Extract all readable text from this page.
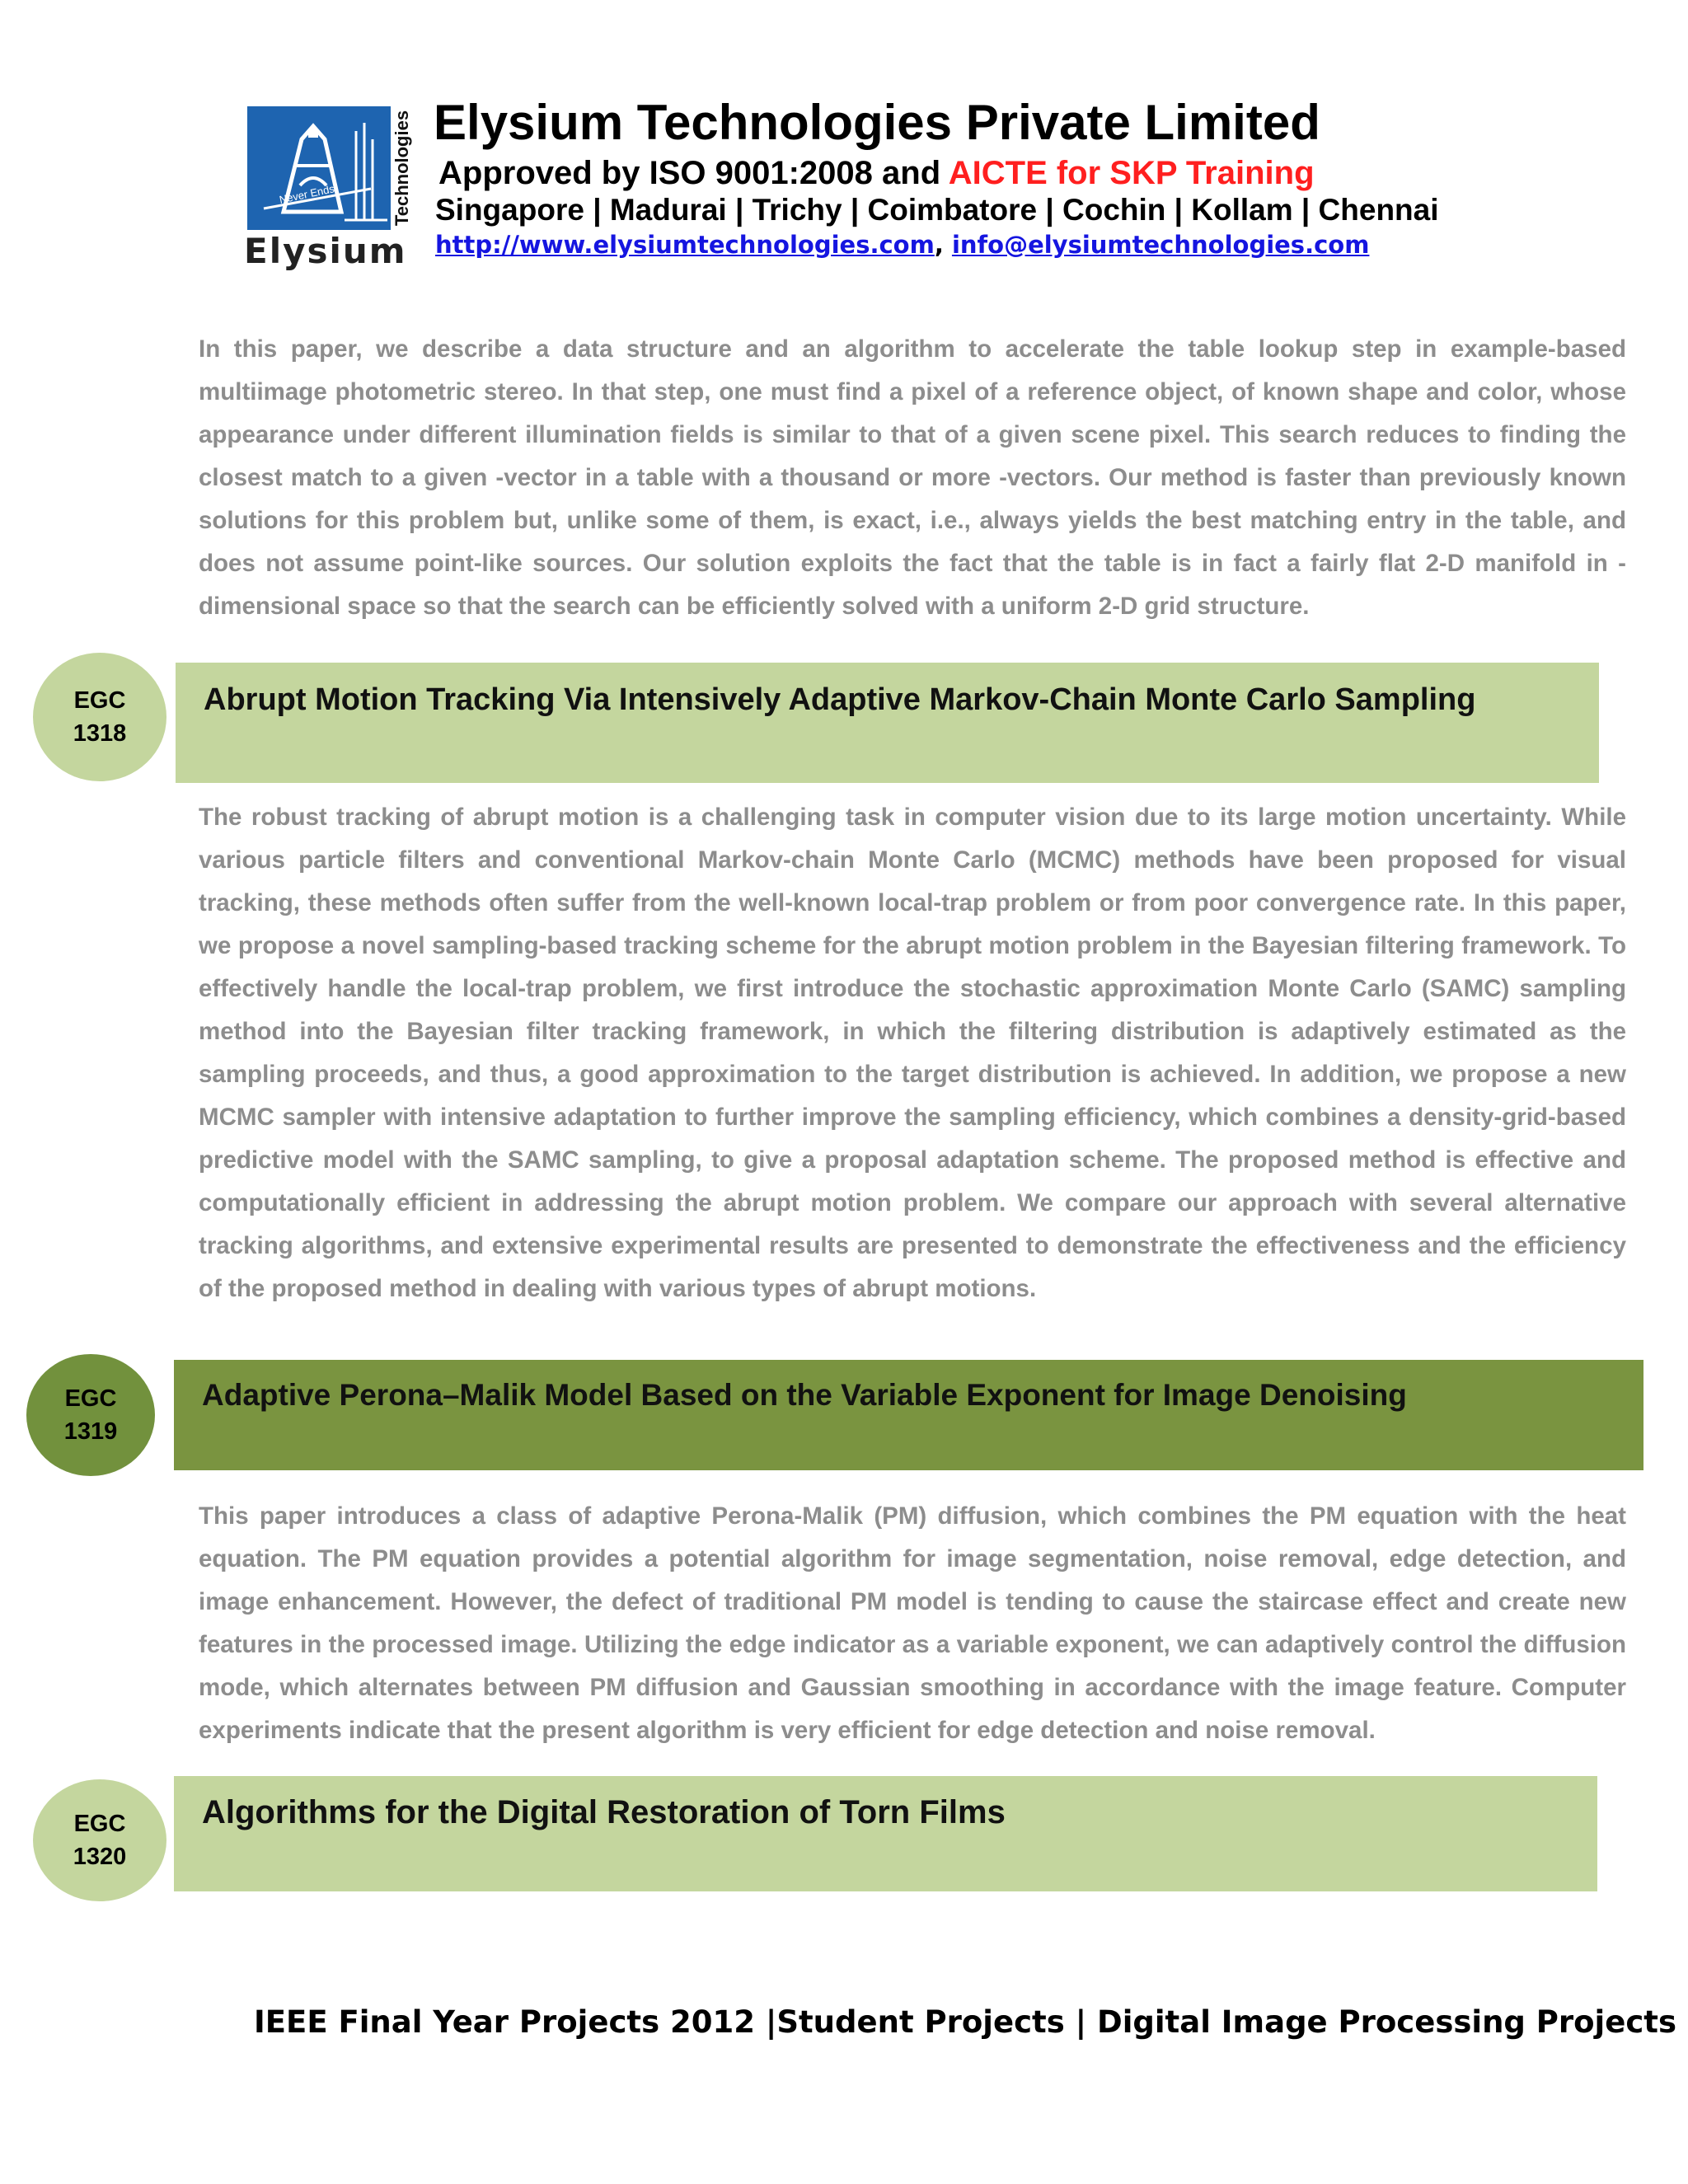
Never Ends	Technologies
Elysium
Elysium Technologies Private Limited
Approved by ISO 9001:2008 and AICTE for SKP Training
Singapore | Madurai | Trichy | Coimbatore | Cochin | Kollam | Chennai
http://www.elysiumtechnologies.com, info@elysiumtechnologies.com
In this paper, we describe a data structure and an algorithm to accelerate the table lookup step in example-based multiimage photometric stereo. In that step, one must find a pixel of a reference object, of known shape and color, whose appearance under different illumination fields is similar to that of a given scene pixel. This search reduces to finding the closest match to a given -vector in a table with a thousand or more -vectors. Our method is faster than previously known solutions for this problem but, unlike some of them, is exact, i.e., always yields the best matching entry in the table, and does not assume point-like sources. Our solution exploits the fact that the table is in fact a fairly flat 2-D manifold in -dimensional space so that the search can be efficiently solved with a uniform 2-D grid structure.
EGC
1318
Abrupt Motion Tracking Via Intensively Adaptive Markov-Chain Monte Carlo Sampling
The robust tracking of abrupt motion is a challenging task in computer vision due to its large motion uncertainty. While various particle filters and conventional Markov-chain Monte Carlo (MCMC) methods have been proposed for visual tracking, these methods often suffer from the well-known local-trap problem or from poor convergence rate. In this paper, we propose a novel sampling-based tracking scheme for the abrupt motion problem in the Bayesian filtering framework. To effectively handle the local-trap problem, we first introduce the stochastic approximation Monte Carlo (SAMC) sampling method into the Bayesian filter tracking framework, in which the filtering distribution is adaptively estimated as the sampling proceeds, and thus, a good approximation to the target distribution is achieved. In addition, we propose a new MCMC sampler with intensive adaptation to further improve the sampling efficiency, which combines a density-grid-based predictive model with the SAMC sampling, to give a proposal adaptation scheme. The proposed method is effective and computationally efficient in addressing the abrupt motion problem. We compare our approach with several alternative tracking algorithms, and extensive experimental results are presented to demonstrate the effectiveness and the efficiency of the proposed method in dealing with various types of abrupt motions.
EGC
1319
Adaptive Perona–Malik Model Based on the Variable Exponent for Image Denoising
This paper introduces a class of adaptive Perona-Malik (PM) diffusion, which combines the PM equation with the heat equation. The PM equation provides a potential algorithm for image segmentation, noise removal, edge detection, and image enhancement. However, the defect of traditional PM model is tending to cause the staircase effect and create new features in the processed image. Utilizing the edge indicator as a variable exponent, we can adaptively control the diffusion mode, which alternates between PM diffusion and Gaussian smoothing in accordance with the image feature. Computer experiments indicate that the present algorithm is very efficient for edge detection and noise removal.
EGC
1320
Algorithms for the Digital Restoration of Torn Films
IEEE Final Year Projects 2012 |Student Projects | Digital Image Processing Projects
